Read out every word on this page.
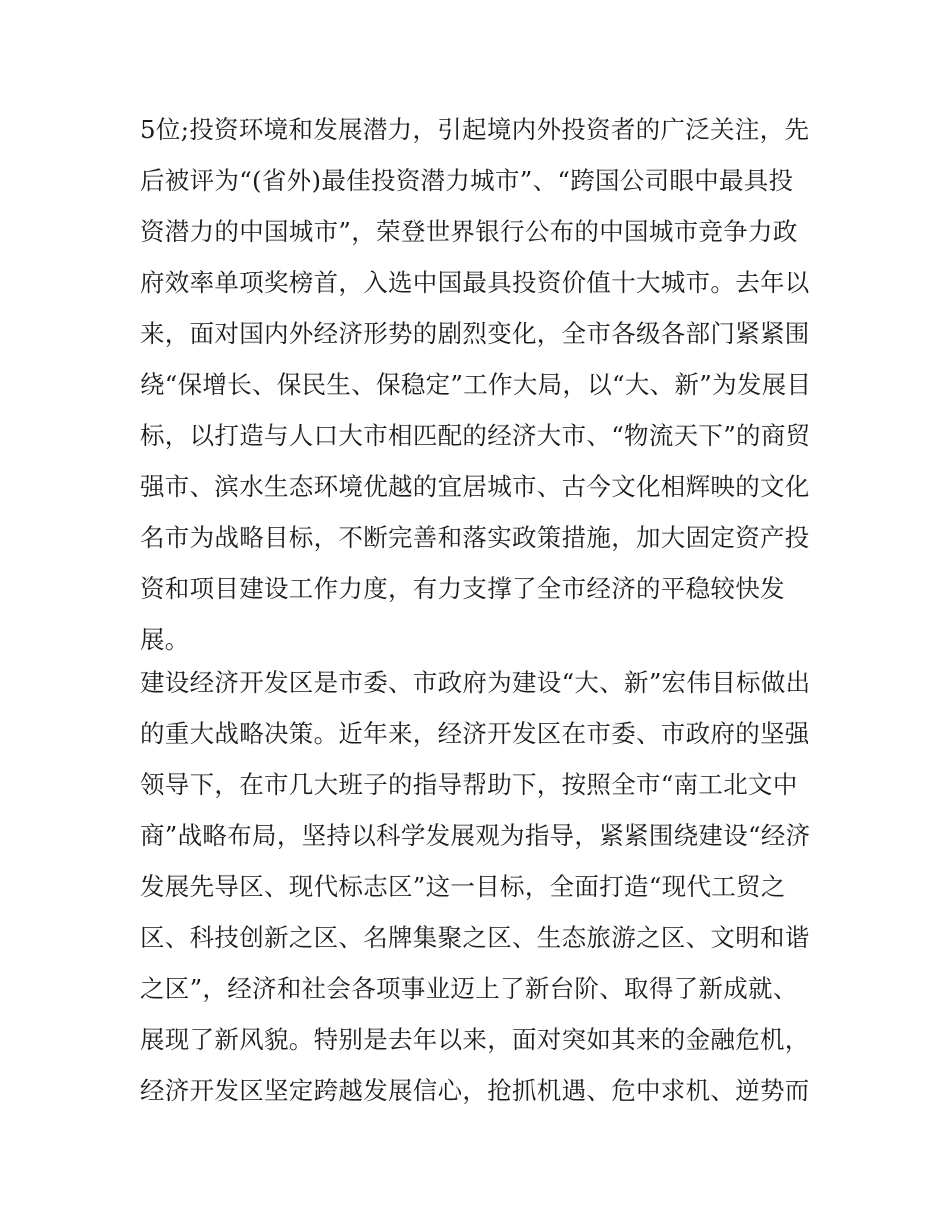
5位;投资环境和发展潜力，引起境内外投资者的广泛关注，先
后被评为“(省外)最佳投资潜力城市”、“跨国公司眼中最具投
资潜力的中国城市”，荣登世界银行公布的中国城市竞争力政
府效率单项奖榜首，入选中国最具投资价值十大城市。去年以
来，面对国内外经济形势的剧烈变化，全市各级各部门紧紧围
绕“保增长、保民生、保稳定”工作大局，以“大、新”为发展目
标，以打造与人口大市相匹配的经济大市、“物流天下”的商贸
强市、滨水生态环境优越的宜居城市、古今文化相辉映的文化
名市为战略目标，不断完善和落实政策措施，加大固定资产投
资和项目建设工作力度，有力支撑了全市经济的平稳较快发
展。
建设经济开发区是市委、市政府为建设“大、新”宏伟目标做出
的重大战略决策。近年来，经济开发区在市委、市政府的坚强
领导下，在市几大班子的指导帮助下，按照全市“南工北文中
商”战略布局，坚持以科学发展观为指导，紧紧围绕建设“经济
发展先导区、现代标志区”这一目标，全面打造“现代工贸之
区、科技创新之区、名牌集聚之区、生态旅游之区、文明和谐
之区”，经济和社会各项事业迈上了新台阶、取得了新成就、
展现了新风貌。特别是去年以来，面对突如其来的金融危机，
经济开发区坚定跨越发展信心，抢抓机遇、危中求机、逆势而
